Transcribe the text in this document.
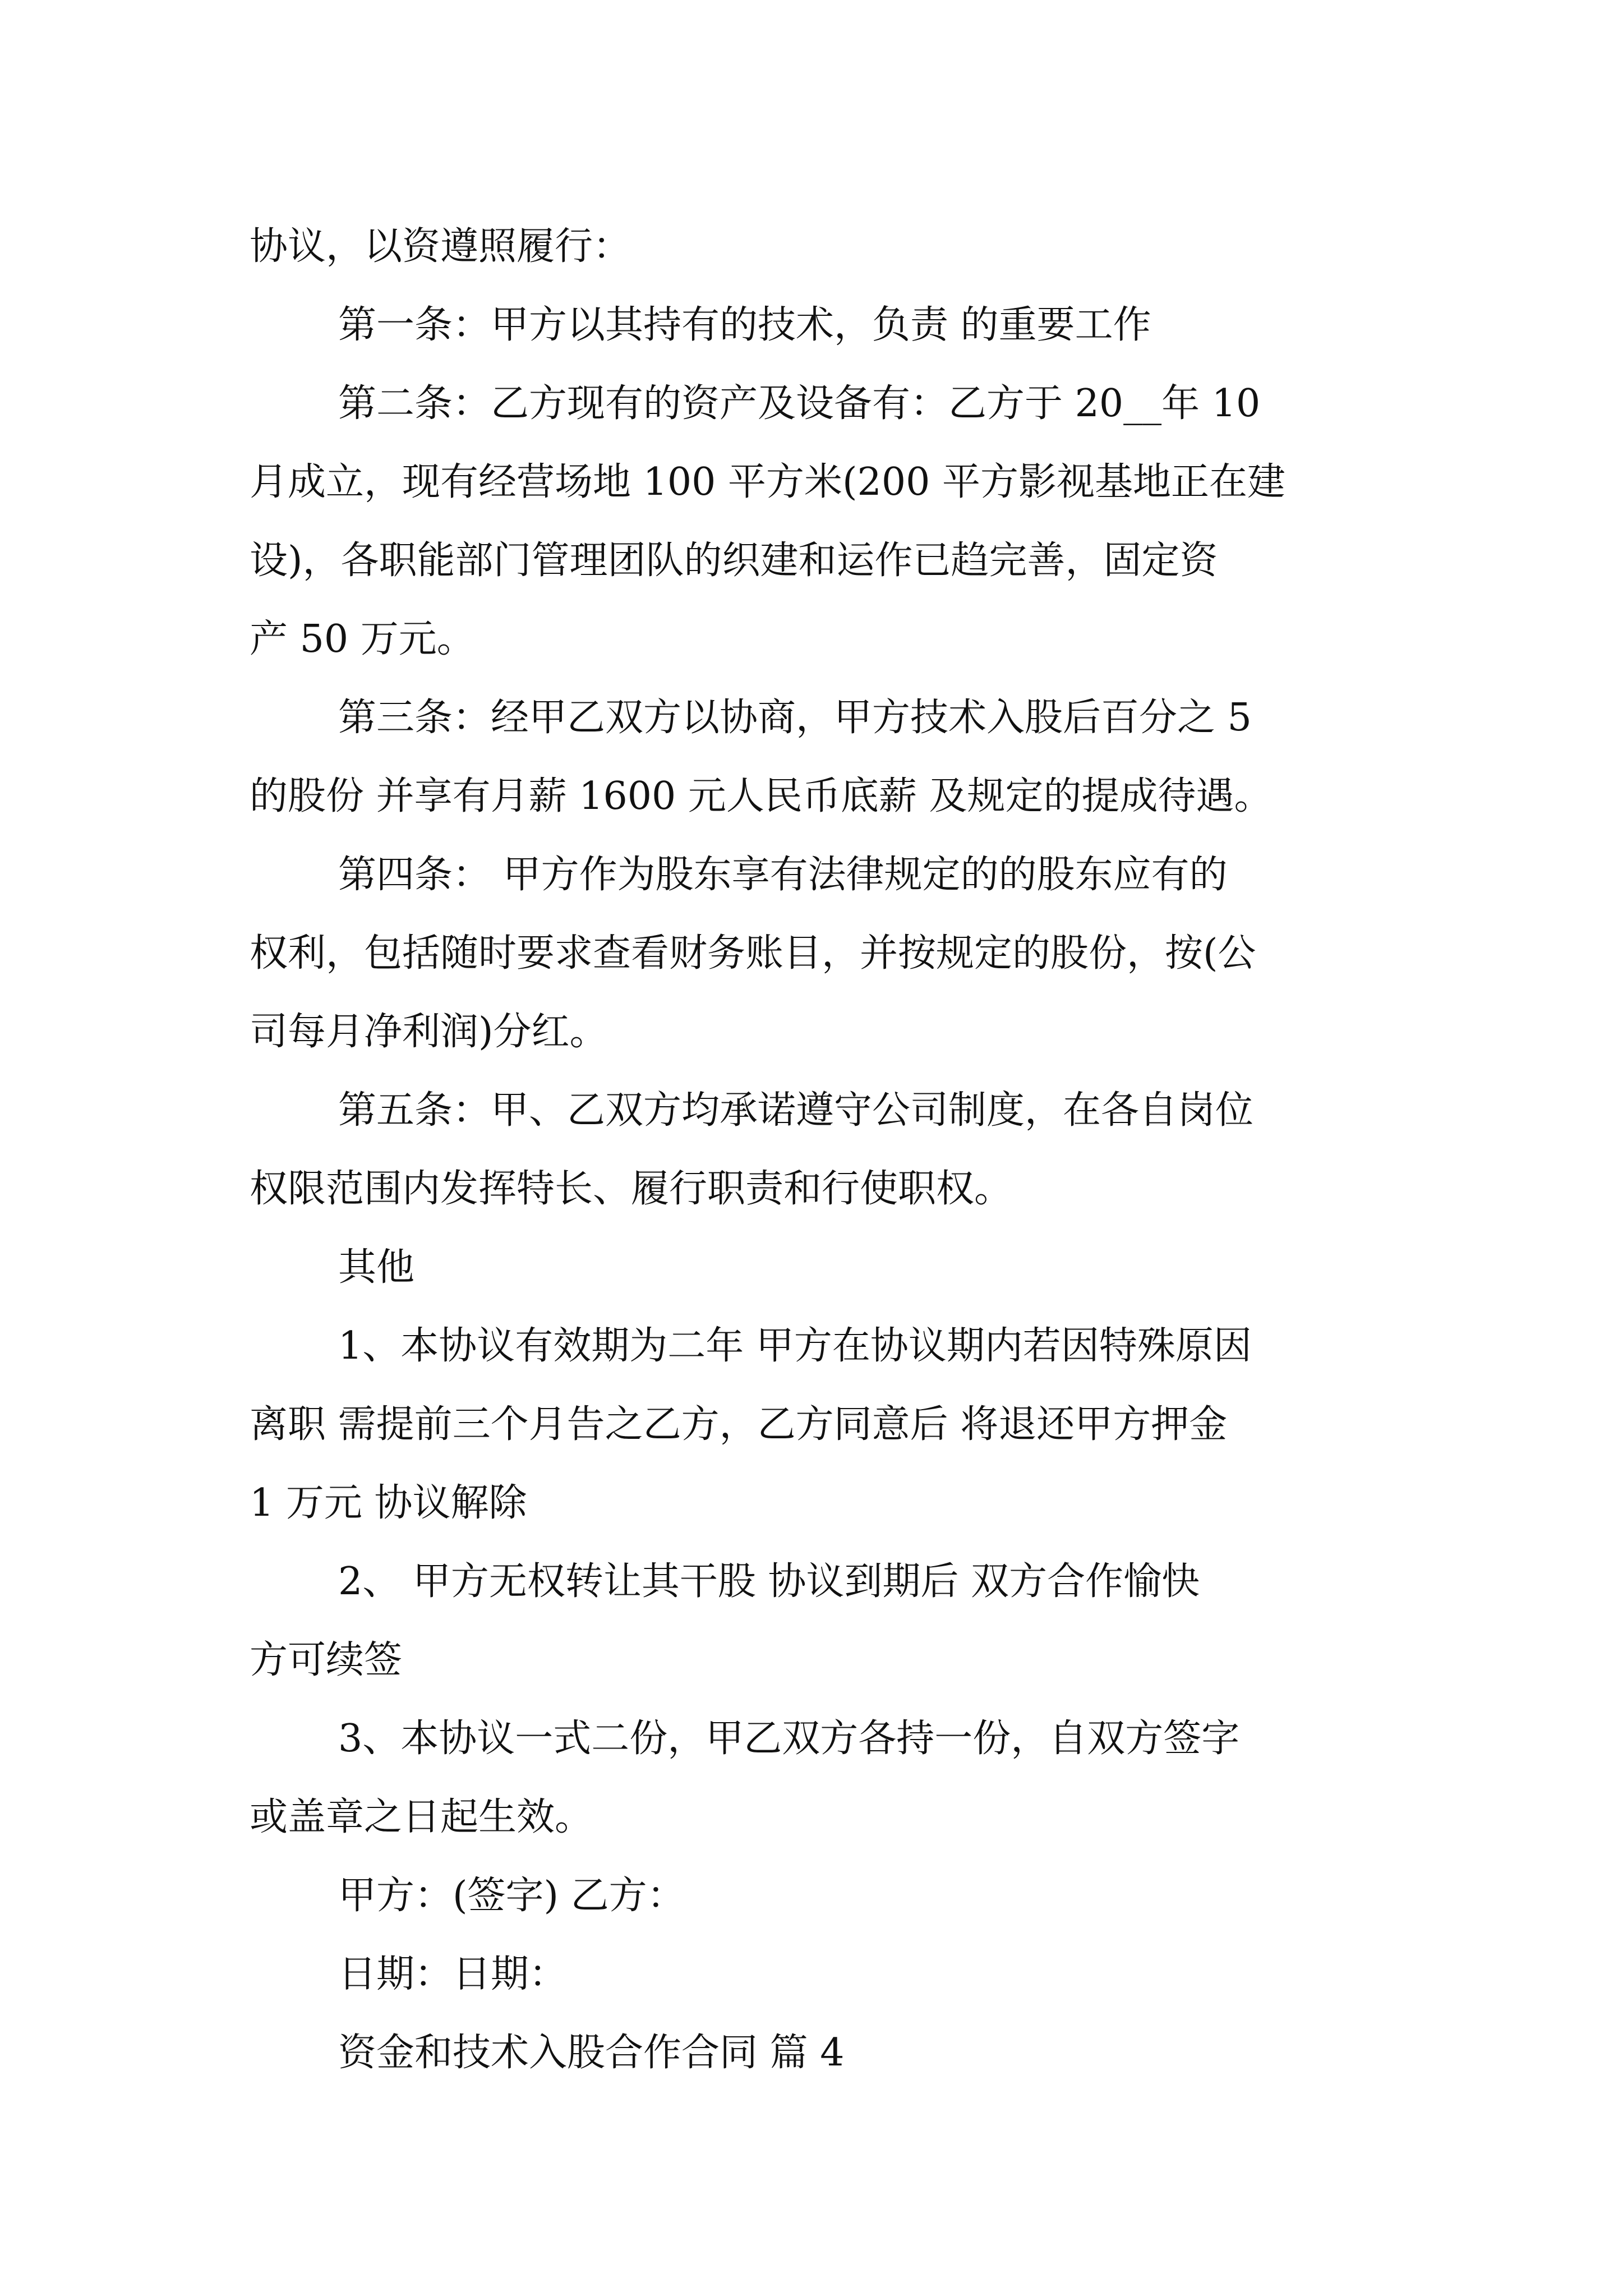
协议，以资遵照履行：
第一条：甲方以其持有的技术，负责 的重要工作
第二条：乙方现有的资产及设备有：乙方于 20__年 10
月成立，现有经营场地 100 平方米(200 平方影视基地正在建
设)，各职能部门管理团队的织建和运作已趋完善，固定资
产 50 万元。
第三条：经甲乙双方以协商，甲方技术入股后百分之 5
的股份 并享有月薪 1600 元人民币底薪 及规定的提成待遇。
第四条： 甲方作为股东享有法律规定的的股东应有的
权利，包括随时要求查看财务账目，并按规定的股份，按(公
司每月净利润)分红。
第五条：甲、乙双方均承诺遵守公司制度，在各自岗位
权限范围内发挥特长、履行职责和行使职权。
其他
1、本协议有效期为二年 甲方在协议期内若因特殊原因
离职 需提前三个月告之乙方，乙方同意后 将退还甲方押金
1 万元 协议解除
2、 甲方无权转让其干股 协议到期后 双方合作愉快
方可续签
3、本协议一式二份，甲乙双方各持一份，自双方签字
或盖章之日起生效。
甲方：(签字) 乙方：
日期：日期：
资金和技术入股合作合同 篇 4
